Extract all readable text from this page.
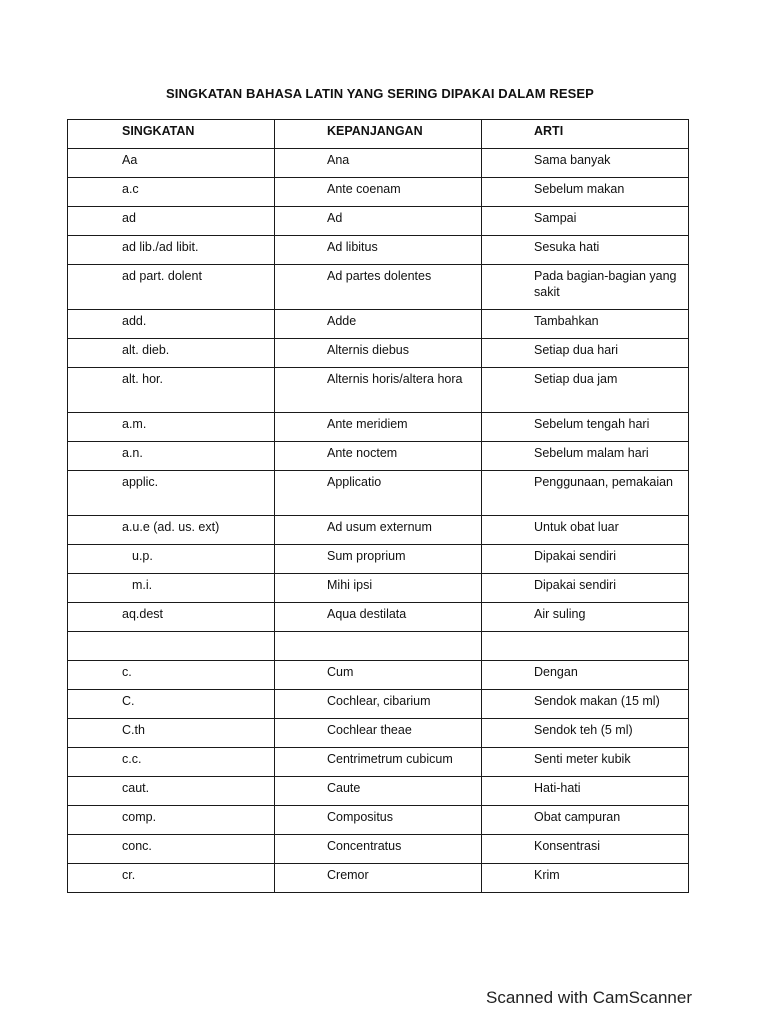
SINGKATAN BAHASA LATIN YANG SERING DIPAKAI DALAM RESEP
SINGKATAN	KEPANJANGAN	ARTI
Aa	Ana	Sama banyak
a.c	Ante coenam	Sebelum makan
ad	Ad	Sampai
ad lib./ad libit.	Ad libitus	Sesuka hati
ad part. dolent	Ad partes dolentes	Pada bagian-bagian yang sakit
add.	Adde	Tambahkan
alt. dieb.	Alternis diebus	Setiap dua hari
alt. hor.	Alternis horis/altera hora	Setiap dua jam
a.m.	Ante meridiem	Sebelum tengah hari
a.n.	Ante noctem	Sebelum malam hari
applic.	Applicatio	Penggunaan, pemakaian
a.u.e (ad. us. ext)	Ad usum externum	Untuk obat luar
u.p.	Sum proprium	Dipakai sendiri
m.i.	Mihi ipsi	Dipakai sendiri
aq.dest	Aqua destilata	Air suling

c.	Cum	Dengan
C.	Cochlear, cibarium	Sendok makan (15 ml)
C.th	Cochlear theae	Sendok teh (5 ml)
c.c.	Centrimetrum cubicum	Senti meter kubik
caut.	Caute	Hati-hati
comp.	Compositus	Obat campuran
conc.	Concentratus	Konsentrasi
cr.	Cremor	Krim
Scanned with CamScanner
